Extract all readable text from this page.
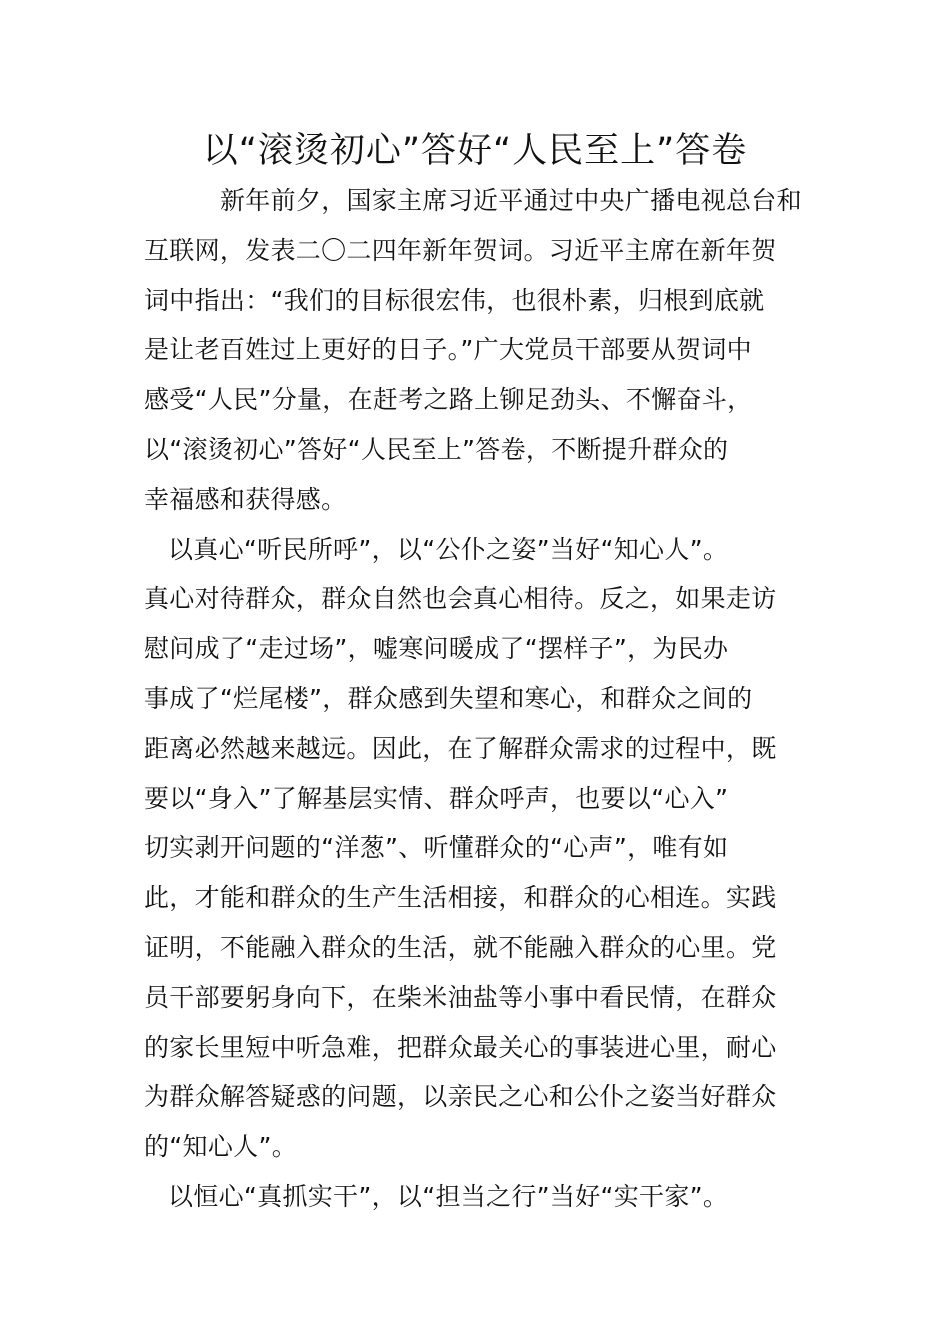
以“滚烫初心”答好“人民至上”答卷
新年前夕，国家主席习近平通过中央广播电视总台和
互联网，发表二〇二四年新年贺词。习近平主席在新年贺
词中指出：“我们的目标很宏伟，也很朴素，归根到底就
是让老百姓过上更好的日子。”广大党员干部要从贺词中
感受“人民”分量，在赶考之路上铆足劲头、不懈奋斗，
以“滚烫初心”答好“人民至上”答卷，不断提升群众的
幸福感和获得感。
以真心“听民所呼”，以“公仆之姿”当好“知心人”。
真心对待群众，群众自然也会真心相待。反之，如果走访
慰问成了“走过场”，嘘寒问暖成了“摆样子”，为民办
事成了“烂尾楼”，群众感到失望和寒心，和群众之间的
距离必然越来越远。因此，在了解群众需求的过程中，既
要以“身入”了解基层实情、群众呼声，也要以“心入”
切实剥开问题的“洋葱”、听懂群众的“心声”，唯有如
此，才能和群众的生产生活相接，和群众的心相连。实践
证明，不能融入群众的生活，就不能融入群众的心里。党
员干部要躬身向下，在柴米油盐等小事中看民情，在群众
的家长里短中听急难，把群众最关心的事装进心里，耐心
为群众解答疑惑的问题，以亲民之心和公仆之姿当好群众
的“知心人”。
以恒心“真抓实干”，以“担当之行”当好“实干家”。
